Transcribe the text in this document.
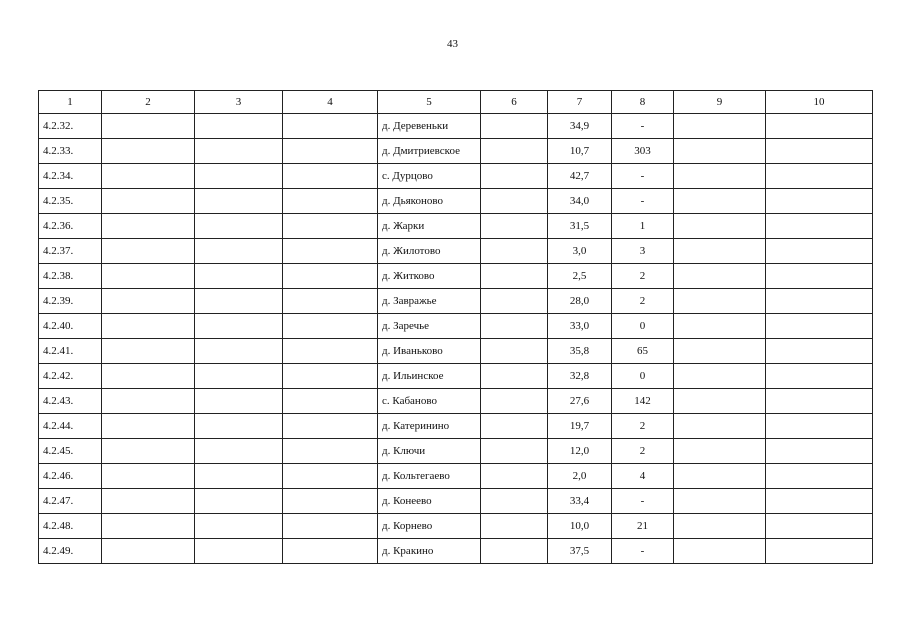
43
1	2	3	4	5	6	7	8	9	10
4.2.32.				д. Деревеньки		34,9	-		
4.2.33.				д. Дмитриевское		10,7	303		
4.2.34.				с. Дурцово		42,7	-		
4.2.35.				д. Дьяконово		34,0	-		
4.2.36.				д. Жарки		31,5	1		
4.2.37.				д. Жилотово		3,0	3		
4.2.38.				д. Житково		2,5	2		
4.2.39.				д. Завражье		28,0	2		
4.2.40.				д. Заречье		33,0	0		
4.2.41.				д. Иваньково		35,8	65		
4.2.42.				д. Ильинское		32,8	0		
4.2.43.				с. Кабаново		27,6	142		
4.2.44.				д. Катеринино		19,7	2		
4.2.45.				д. Ключи		12,0	2		
4.2.46.				д. Кольтегаево		2,0	4		
4.2.47.				д. Конеево		33,4	-		
4.2.48.				д. Корнево		10,0	21		
4.2.49.				д. Кракино		37,5	-		
